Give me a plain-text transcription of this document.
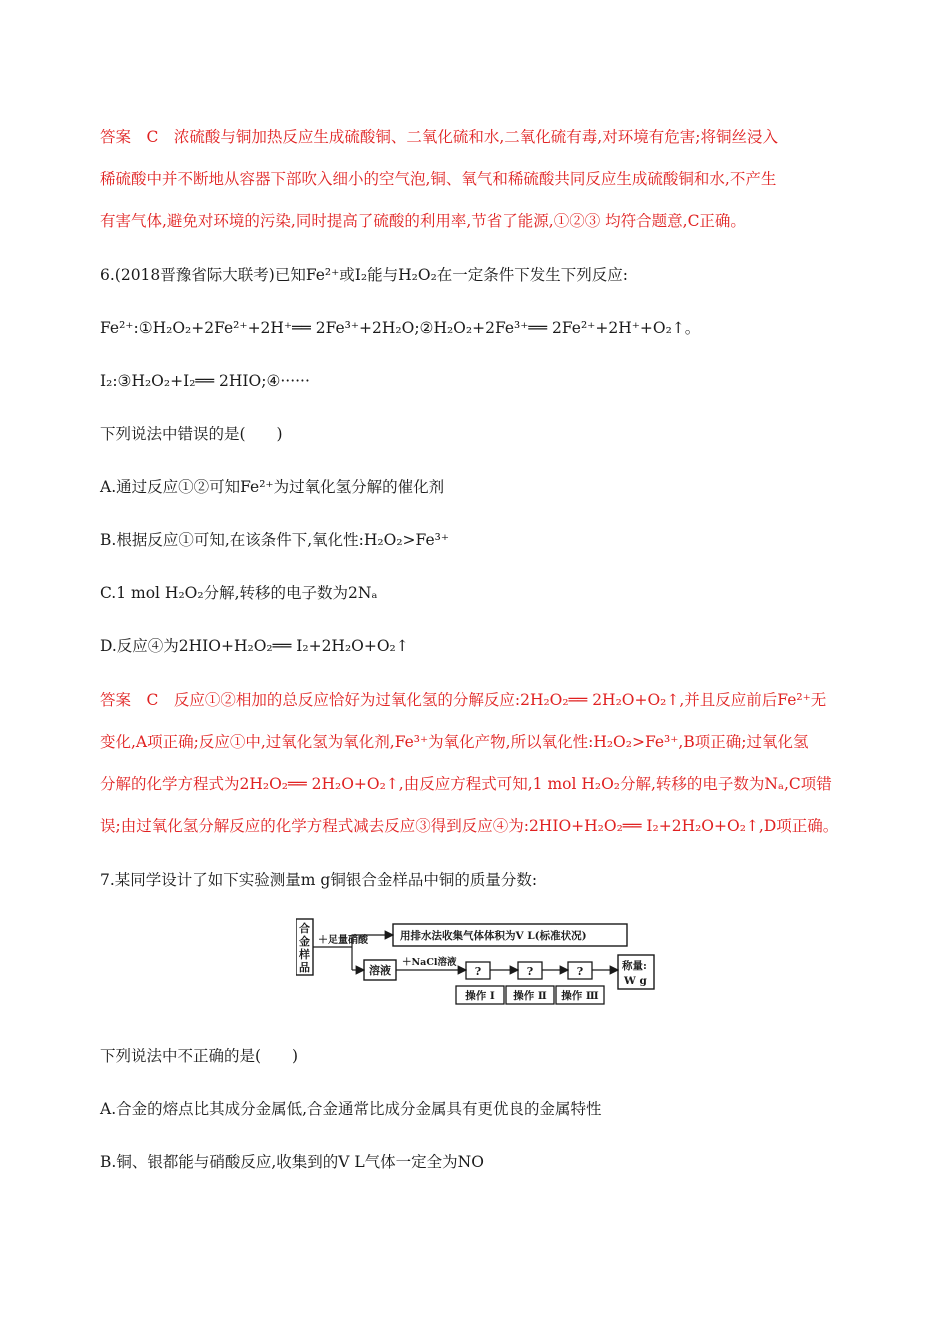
答案　C　浓硫酸与铜加热反应生成硫酸铜、二氧化硫和水,二氧化硫有毒,对环境有危害;将铜丝浸入
稀硫酸中并不断地从容器下部吹入细小的空气泡,铜、氧气和稀硫酸共同反应生成硫酸铜和水,不产生
有害气体,避免对环境的污染,同时提高了硫酸的利用率,节省了能源,①②③ 均符合题意,C正确。
6.(2018晋豫省际大联考)已知Fe²⁺或I₂能与H₂O₂在一定条件下发生下列反应:
Fe²⁺:①H₂O₂+2Fe²⁺+2H⁺══ 2Fe³⁺+2H₂O;②H₂O₂+2Fe³⁺══ 2Fe²⁺+2H⁺+O₂↑。
I₂:③H₂O₂+I₂══ 2HIO;④······
下列说法中错误的是(　　)
A.通过反应①②可知Fe²⁺为过氧化氢分解的催化剂
B.根据反应①可知,在该条件下,氧化性:H₂O₂>Fe³⁺
C.1 mol H₂O₂分解,转移的电子数为2Nₐ
D.反应④为2HIO+H₂O₂══ I₂+2H₂O+O₂↑
答案　C　反应①②相加的总反应恰好为过氧化氢的分解反应:2H₂O₂══ 2H₂O+O₂↑,并且反应前后Fe²⁺无
变化,A项正确;反应①中,过氧化氢为氧化剂,Fe³⁺为氧化产物,所以氧化性:H₂O₂>Fe³⁺,B项正确;过氧化氢
分解的化学方程式为2H₂O₂══ 2H₂O+O₂↑,由反应方程式可知,1 mol H₂O₂分解,转移的电子数为Nₐ,C项错
误;由过氧化氢分解反应的化学方程式减去反应③得到反应④为:2HIO+H₂O₂══ I₂+2H₂O+O₂↑,D项正确。
7.某同学设计了如下实验测量m g铜银合金样品中铜的质量分数:
合
金
样
品
＋足量硝酸	用排水法收集气体体积为V L(标准状况)
溶液
＋NaCl溶液
?	?	?	称量:
W g
操作 Ⅰ 操作 Ⅱ 操作 Ⅲ
下列说法中不正确的是(　　)
A.合金的熔点比其成分金属低,合金通常比成分金属具有更优良的金属特性
B.铜、银都能与硝酸反应,收集到的V L气体一定全为NO
